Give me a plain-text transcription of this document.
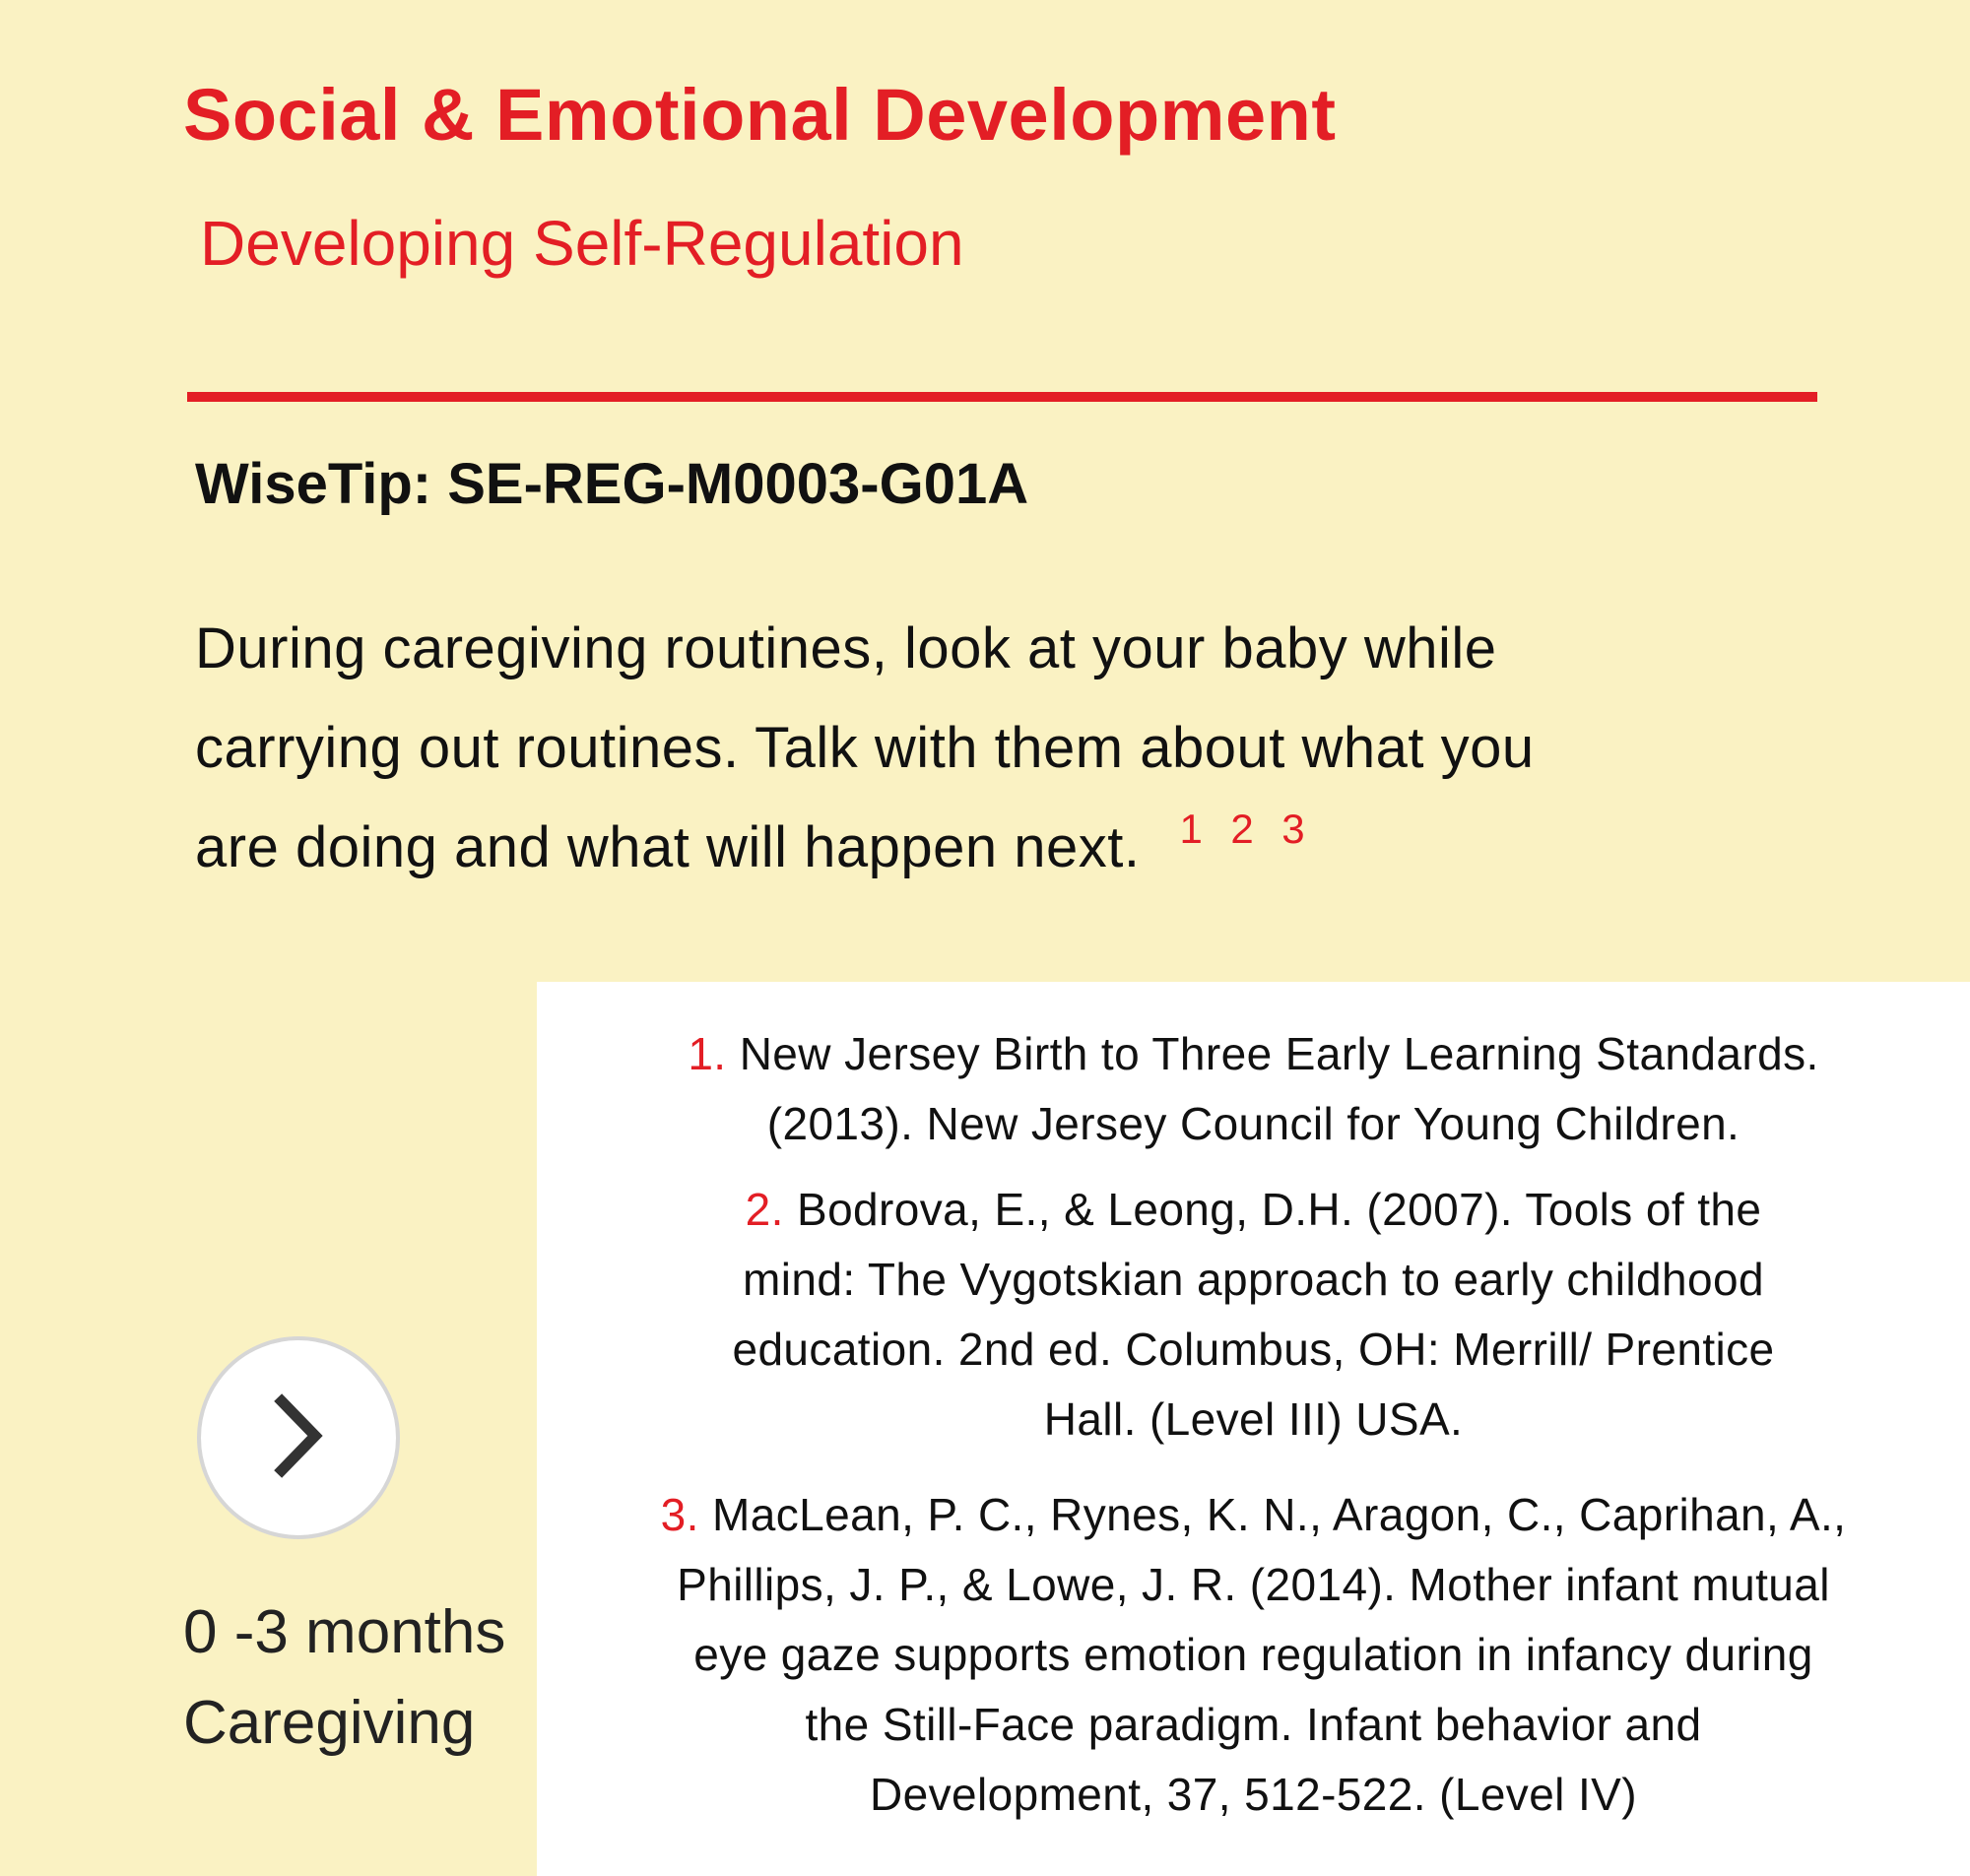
Social & Emotional Development
Developing Self-Regulation
WiseTip: SE-REG-M0003-G01A
During caregiving routines, look at your baby while
carrying out routines. Talk with them about what you
are doing and what will happen next. 1 2 3
1. New Jersey Birth to Three Early Learning Standards.
(2013). New Jersey Council for Young Children.
2. Bodrova, E., & Leong, D.H. (2007). Tools of the
mind: The Vygotskian approach to early childhood
education. 2nd ed. Columbus, OH: Merrill/ Prentice
Hall. (Level III) USA.
3. MacLean, P. C., Rynes, K. N., Aragon, C., Caprihan, A.,
Phillips, J. P., & Lowe, J. R. (2014). Mother infant mutual
eye gaze supports emotion regulation in infancy during
the Still-Face paradigm. Infant behavior and
Development, 37, 512-522. (Level IV)
0 -3 months
Caregiving
